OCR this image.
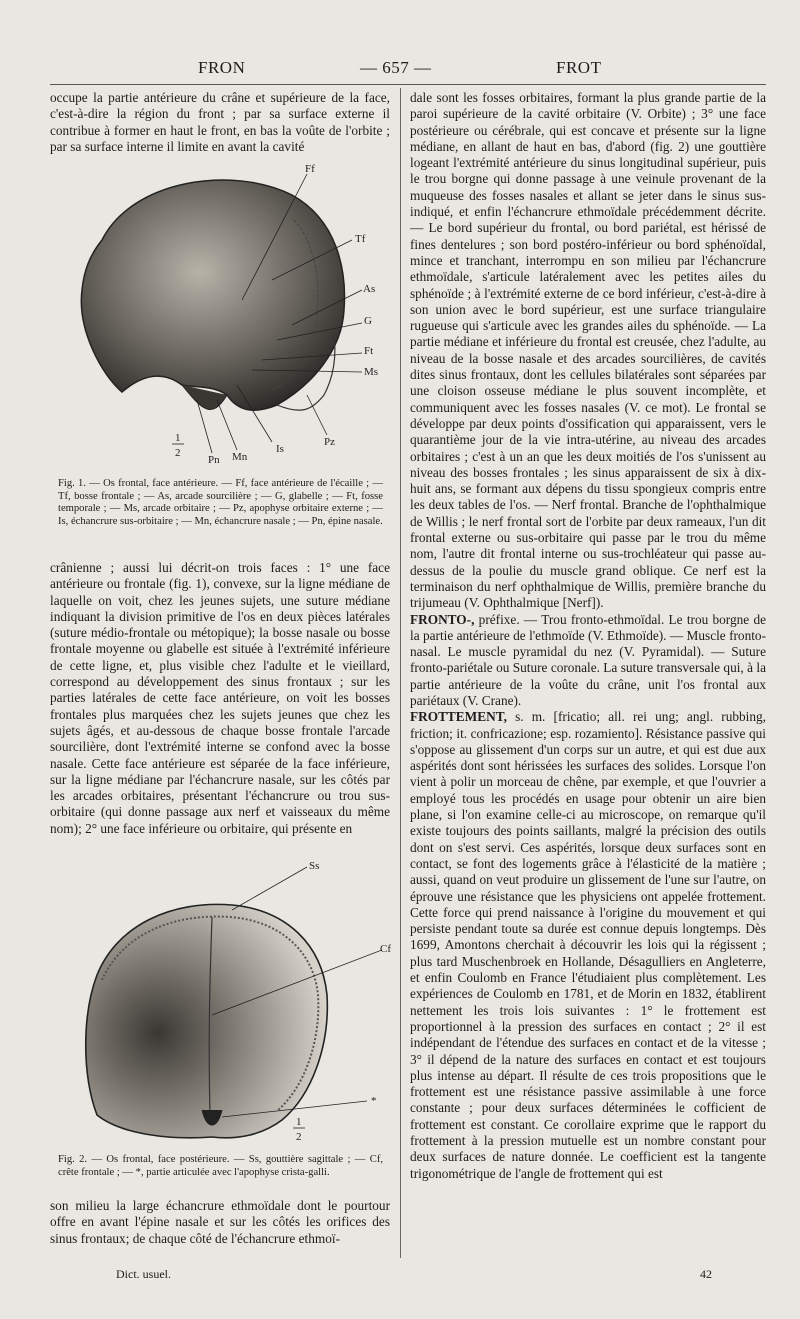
FRON	— 657 —	FROT

occupe la partie antérieure du crâne et supérieure de la face, c'est-à-dire la région du front ; par sa surface externe il contribue à former en haut le front, en bas la voûte de l'orbite ; par sa surface interne il limite en avant la cavité

Ff
Tf
As
G
Ft
Ms
Pz
Is
Mn
Pn
1
2
Fig. 1. — Os frontal, face antérieure. — Ff, face antérieure de l'écaille ; — Tf, bosse frontale ; — As, arcade sourcilière ; — G, glabelle ; — Ft, fosse temporale ; — Ms, arcade orbitaire ; — Pz, apophyse orbitaire externe ; — Is, échancrure sus-orbitaire ; — Mn, échancrure nasale ; — Pn, épine nasale.

crânienne ; aussi lui décrit-on trois faces : 1° une face antérieure ou frontale (fig. 1), convexe, sur la ligne médiane de laquelle on voit, chez les jeunes sujets, une suture médiane indiquant la division primitive de l'os en deux pièces latérales (suture médio-frontale ou métopique); la bosse nasale ou bosse frontale moyenne ou glabelle est située à l'extrémité inférieure de cette ligne, et, plus visible chez l'adulte et le vieillard, correspond au développement des sinus frontaux ; sur les parties latérales de cette face antérieure, on voit les bosses frontales plus marquées chez les sujets jeunes que chez les sujets âgés, et au-dessous de chaque bosse frontale l'arcade sourcilière, dont l'extrémité interne se confond avec la bosse nasale. Cette face antérieure est séparée de la face inférieure, sur la ligne médiane par l'échancrure nasale, sur les côtés par les arcades orbitaires, présentant l'échancrure ou trou sus-orbitaire (qui donne passage aux nerf et vaisseaux du même nom); 2° une face inférieure ou orbitaire, qui présente en

Ss
Cf
*
1
2
Fig. 2. — Os frontal, face postérieure. — Ss, gouttière sagittale ; — Cf, crête frontale ; — *, partie articulée avec l'apophyse crista-galli.

son milieu la large échancrure ethmoïdale dont le pourtour offre en avant l'épine nasale et sur les côtés les orifices des sinus frontaux; de chaque côté de l'échancrure ethmoï-

dale sont les fosses orbitaires, formant la plus grande partie de la paroi supérieure de la cavité orbitaire (V. Orbite) ; 3° une face postérieure ou cérébrale, qui est concave et présente sur la ligne médiane, en allant de haut en bas, d'abord (fig. 2) une gouttière logeant l'extrémité antérieure du sinus longitudinal supérieur, puis le trou borgne qui donne passage à une veinule provenant de la muqueuse des fosses nasales et allant se jeter dans le sinus sus-indiqué, et enfin l'échancrure ethmoïdale précédemment décrite. — Le bord supérieur du frontal, ou bord pariétal, est hérissé de fines dentelures ; son bord postéro-inférieur ou bord sphénoïdal, mince et tranchant, interrompu en son milieu par l'échancrure ethmoïdale, s'articule latéralement avec les petites ailes du sphénoïde ; à l'extrémité externe de ce bord inférieur, c'est-à-dire à son union avec le bord supérieur, est une surface triangulaire rugueuse qui s'articule avec les grandes ailes du sphénoïde. — La partie médiane et inférieure du frontal est creusée, chez l'adulte, au niveau de la bosse nasale et des arcades sourcilières, de cavités dites sinus frontaux, dont les cellules bilatérales sont séparées par une cloison osseuse médiane le plus souvent incomplète, et communiquent avec les fosses nasales (V. ce mot). Le frontal se développe par deux points d'ossification qui apparaissent, vers le quarantième jour de la vie intra-utérine, au niveau des arcades orbitaires ; c'est à un an que les deux moitiés de l'os s'unissent au niveau des bosses frontales ; les sinus apparaissent de six à dix-huit ans, se formant aux dépens du tissu spongieux compris entre les deux tables de l'os. — Nerf frontal. Branche de l'ophthalmique de Willis ; le nerf frontal sort de l'orbite par deux rameaux, l'un dit frontal externe ou sus-orbitaire qui passe par le trou du même nom, l'autre dit frontal interne ou sus-trochléateur qui passe au-dessus de la poulie du muscle grand oblique. Ce nerf est la terminaison du nerf ophthalmique de Willis, première branche du trijumeau (V. Ophthalmique [Nerf]).

FRONTO-, préfixe. — Trou fronto-ethmoïdal. Le trou borgne de la partie antérieure de l'ethmoïde (V. Ethmoïde). — Muscle fronto-nasal. Le muscle pyramidal du nez (V. Pyramidal). — Suture fronto-pariétale ou Suture coronale. La suture transversale qui, à la partie antérieure de la voûte du crâne, unit l'os frontal aux pariétaux (V. Crane).

FROTTEMENT, s. m. [fricatio; all. rei ung; angl. rubbing, friction; it. confricazione; esp. rozamiento]. Résistance passive qui s'oppose au glissement d'un corps sur un autre, et qui est due aux aspérités dont sont hérissées les surfaces des solides. Lorsque l'on vient à polir un morceau de chêne, par exemple, et que l'ouvrier a employé tous les procédés en usage pour obtenir un aire bien plane, si l'on examine celle-ci au microscope, on remarque qu'il existe toujours des points saillants, malgré la précision des outils dont on s'est servi. Ces aspérités, lorsque deux surfaces sont en contact, se font des logements grâce à l'élasticité de la matière ; aussi, quand on veut produire un glissement de l'une sur l'autre, on éprouve une résistance que les physiciens ont appelée frottement. Cette force qui prend naissance à l'origine du mouvement et qui persiste pendant toute sa durée est connue depuis longtemps. Dès 1699, Amontons cherchait à découvrir les lois qui la régissent ; plus tard Muschenbroek en Hollande, Désagulliers en Angleterre, et enfin Coulomb en France l'étudiaient plus complètement. Les expériences de Coulomb en 1781, et de Morin en 1832, établirent nettement les trois lois suivantes : 1° le frottement est proportionnel à la pression des surfaces en contact ; 2° il est indépendant de l'étendue des surfaces en contact et de la vitesse ; 3° il dépend de la nature des surfaces en contact et est toujours plus intense au départ. Il résulte de ces trois propositions que le frottement est une résistance passive assimilable à une force constante ; pour deux surfaces déterminées le cofficient de frottement est constant. Ce corollaire exprime que le rapport du frottement à la pression mutuelle est un nombre constant pour deux surfaces de nature donnée. Le coefficient est la tangente trigonométrique de l'angle de frottement qui est

Dict. usuel.	42
